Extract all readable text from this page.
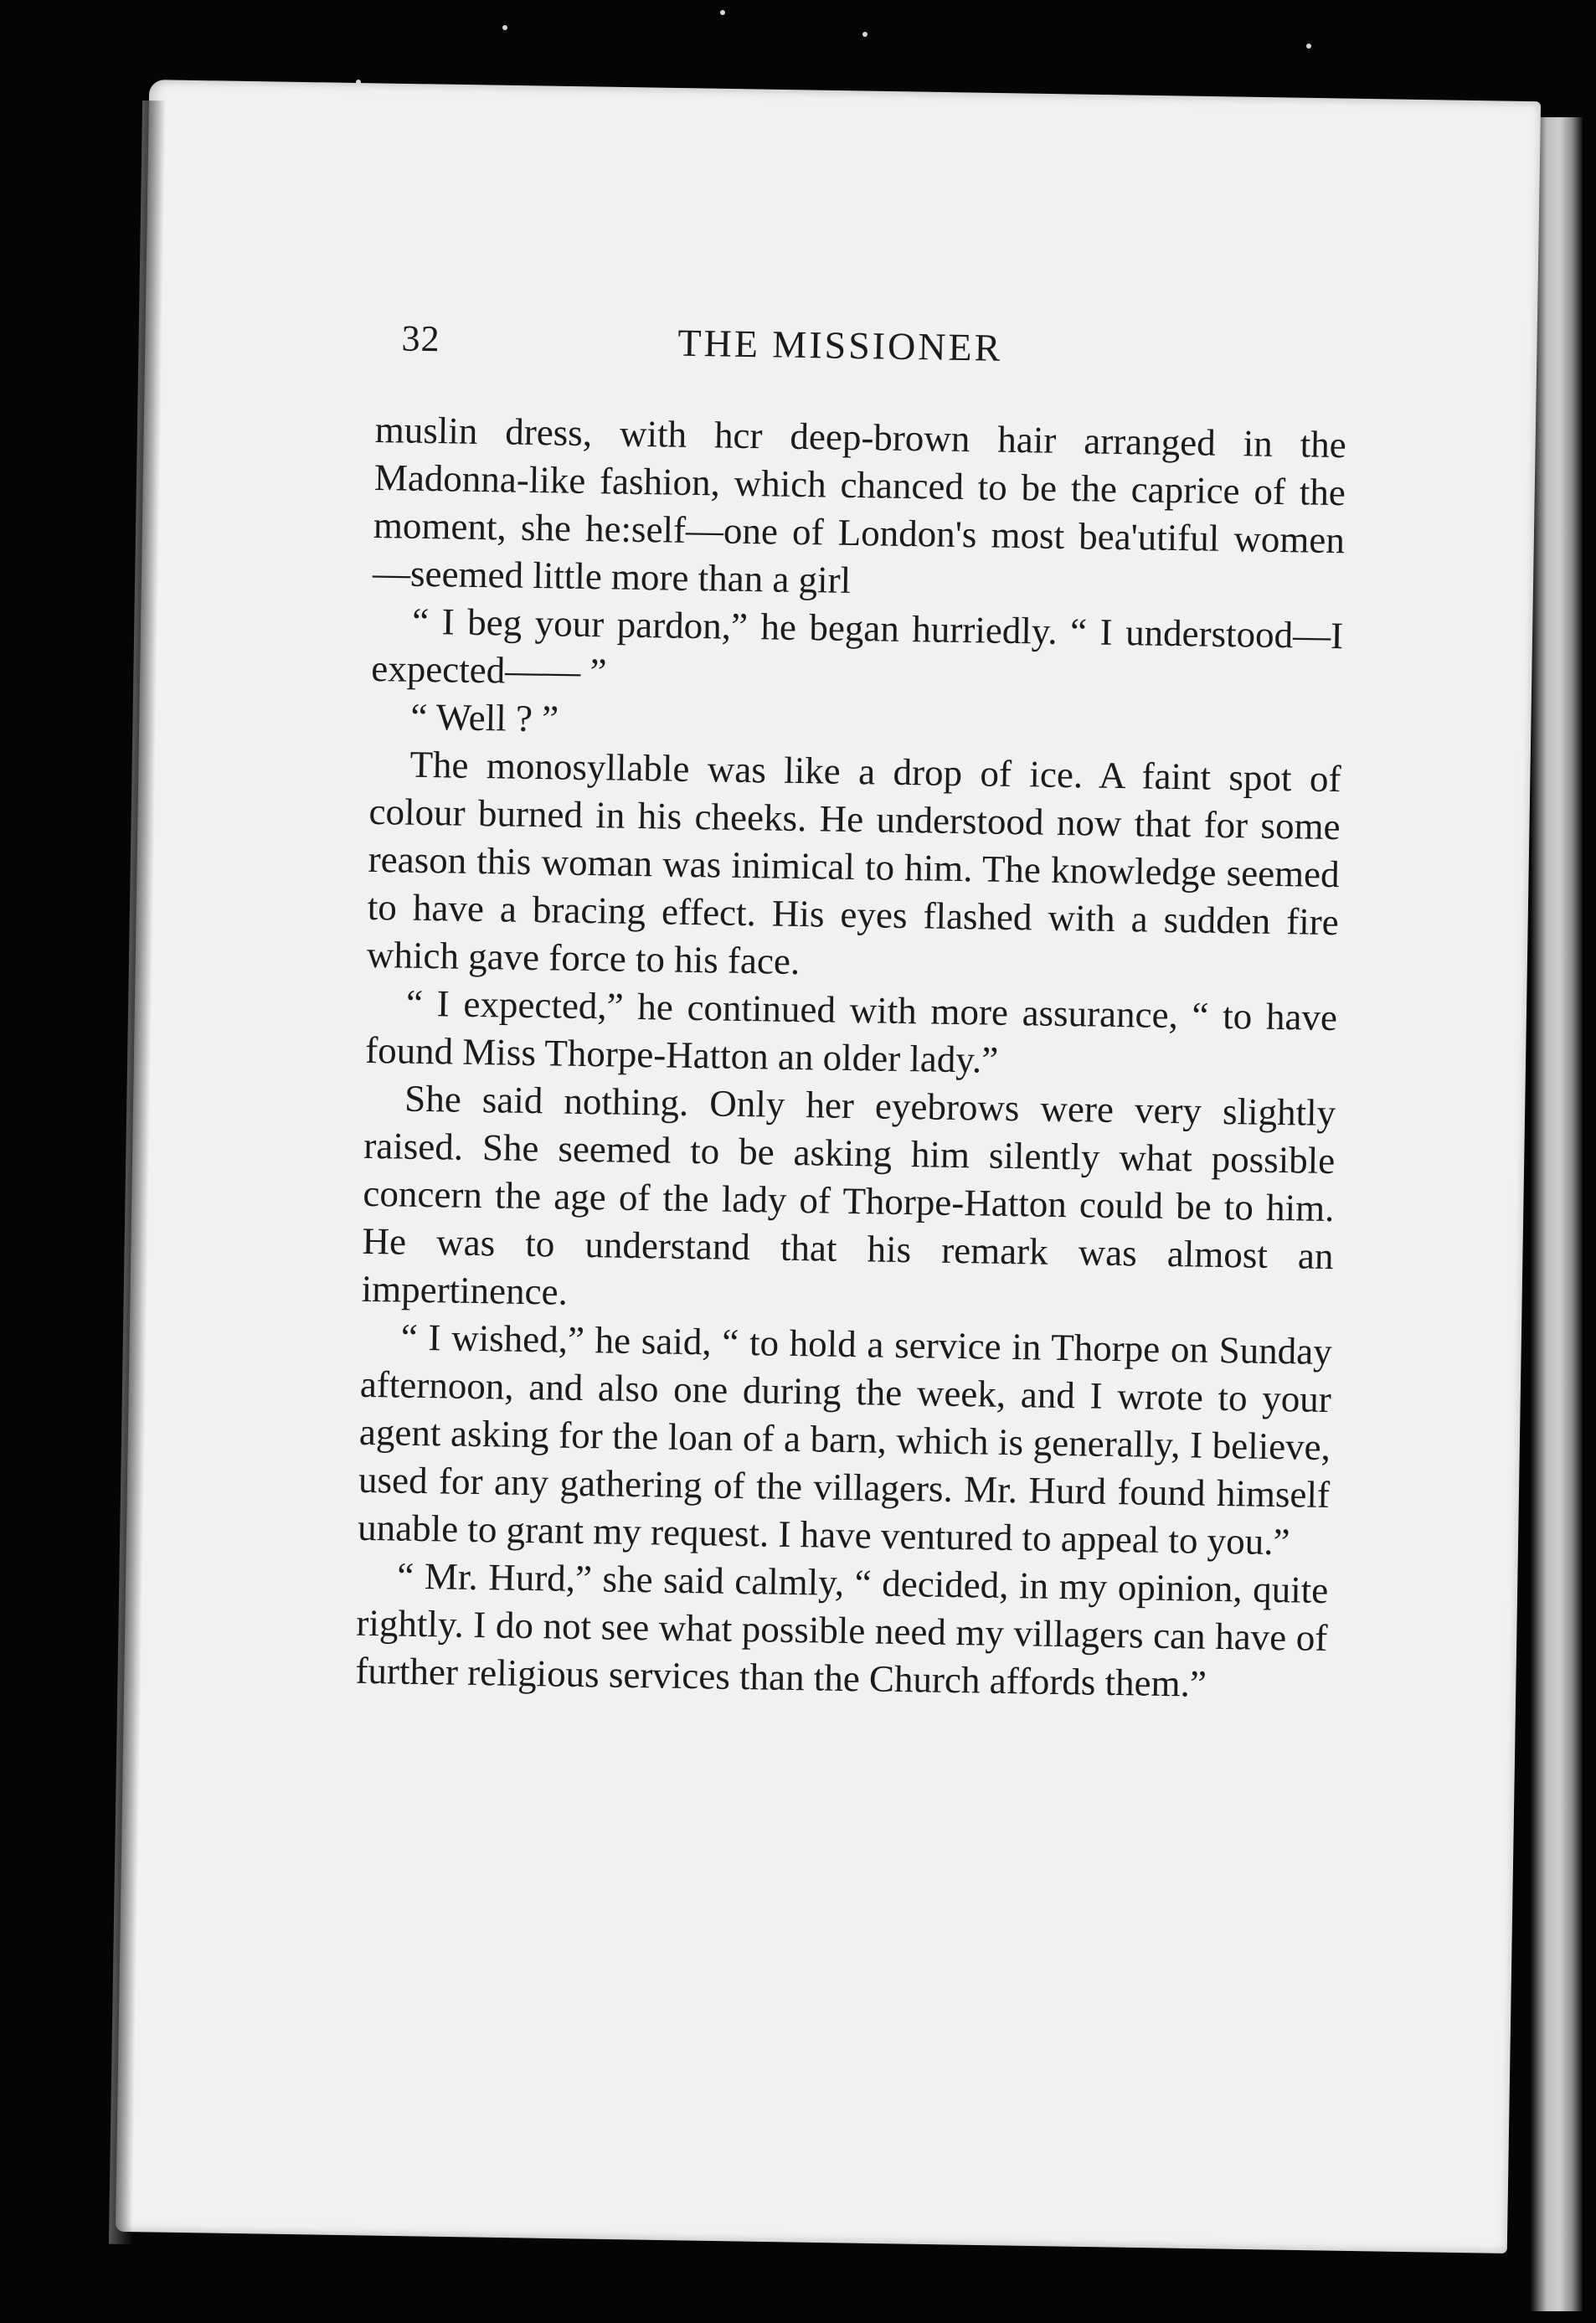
32	THE MISSIONER

muslin dress, with hcr deep-brown hair arranged in the Madonna-like fashion, which chanced to be the caprice of the moment, she he:self—one of London's most bea'utiful women—seemed little more than a girl

“ I beg your pardon,” he began hurriedly. “ I understood—I expected—— ”

“ Well ? ”

The monosyllable was like a drop of ice. A faint spot of colour burned in his cheeks. He understood now that for some reason this woman was inimical to him. The knowledge seemed to have a bracing effect. His eyes flashed with a sudden fire which gave force to his face.

“ I expected,” he continued with more assurance, “ to have found Miss Thorpe-Hatton an older lady.”

She said nothing. Only her eyebrows were very slightly raised. She seemed to be asking him silently what possible concern the age of the lady of Thorpe-Hatton could be to him. He was to understand that his remark was almost an impertinence.

“ I wished,” he said, “ to hold a service in Thorpe on Sunday afternoon, and also one during the week, and I wrote to your agent asking for the loan of a barn, which is generally, I believe, used for any gathering of the villagers. Mr. Hurd found himself unable to grant my request. I have ventured to appeal to you.”

“ Mr. Hurd,” she said calmly, “ decided, in my opinion, quite rightly. I do not see what possible need my villagers can have of further religious services than the Church affords them.”
